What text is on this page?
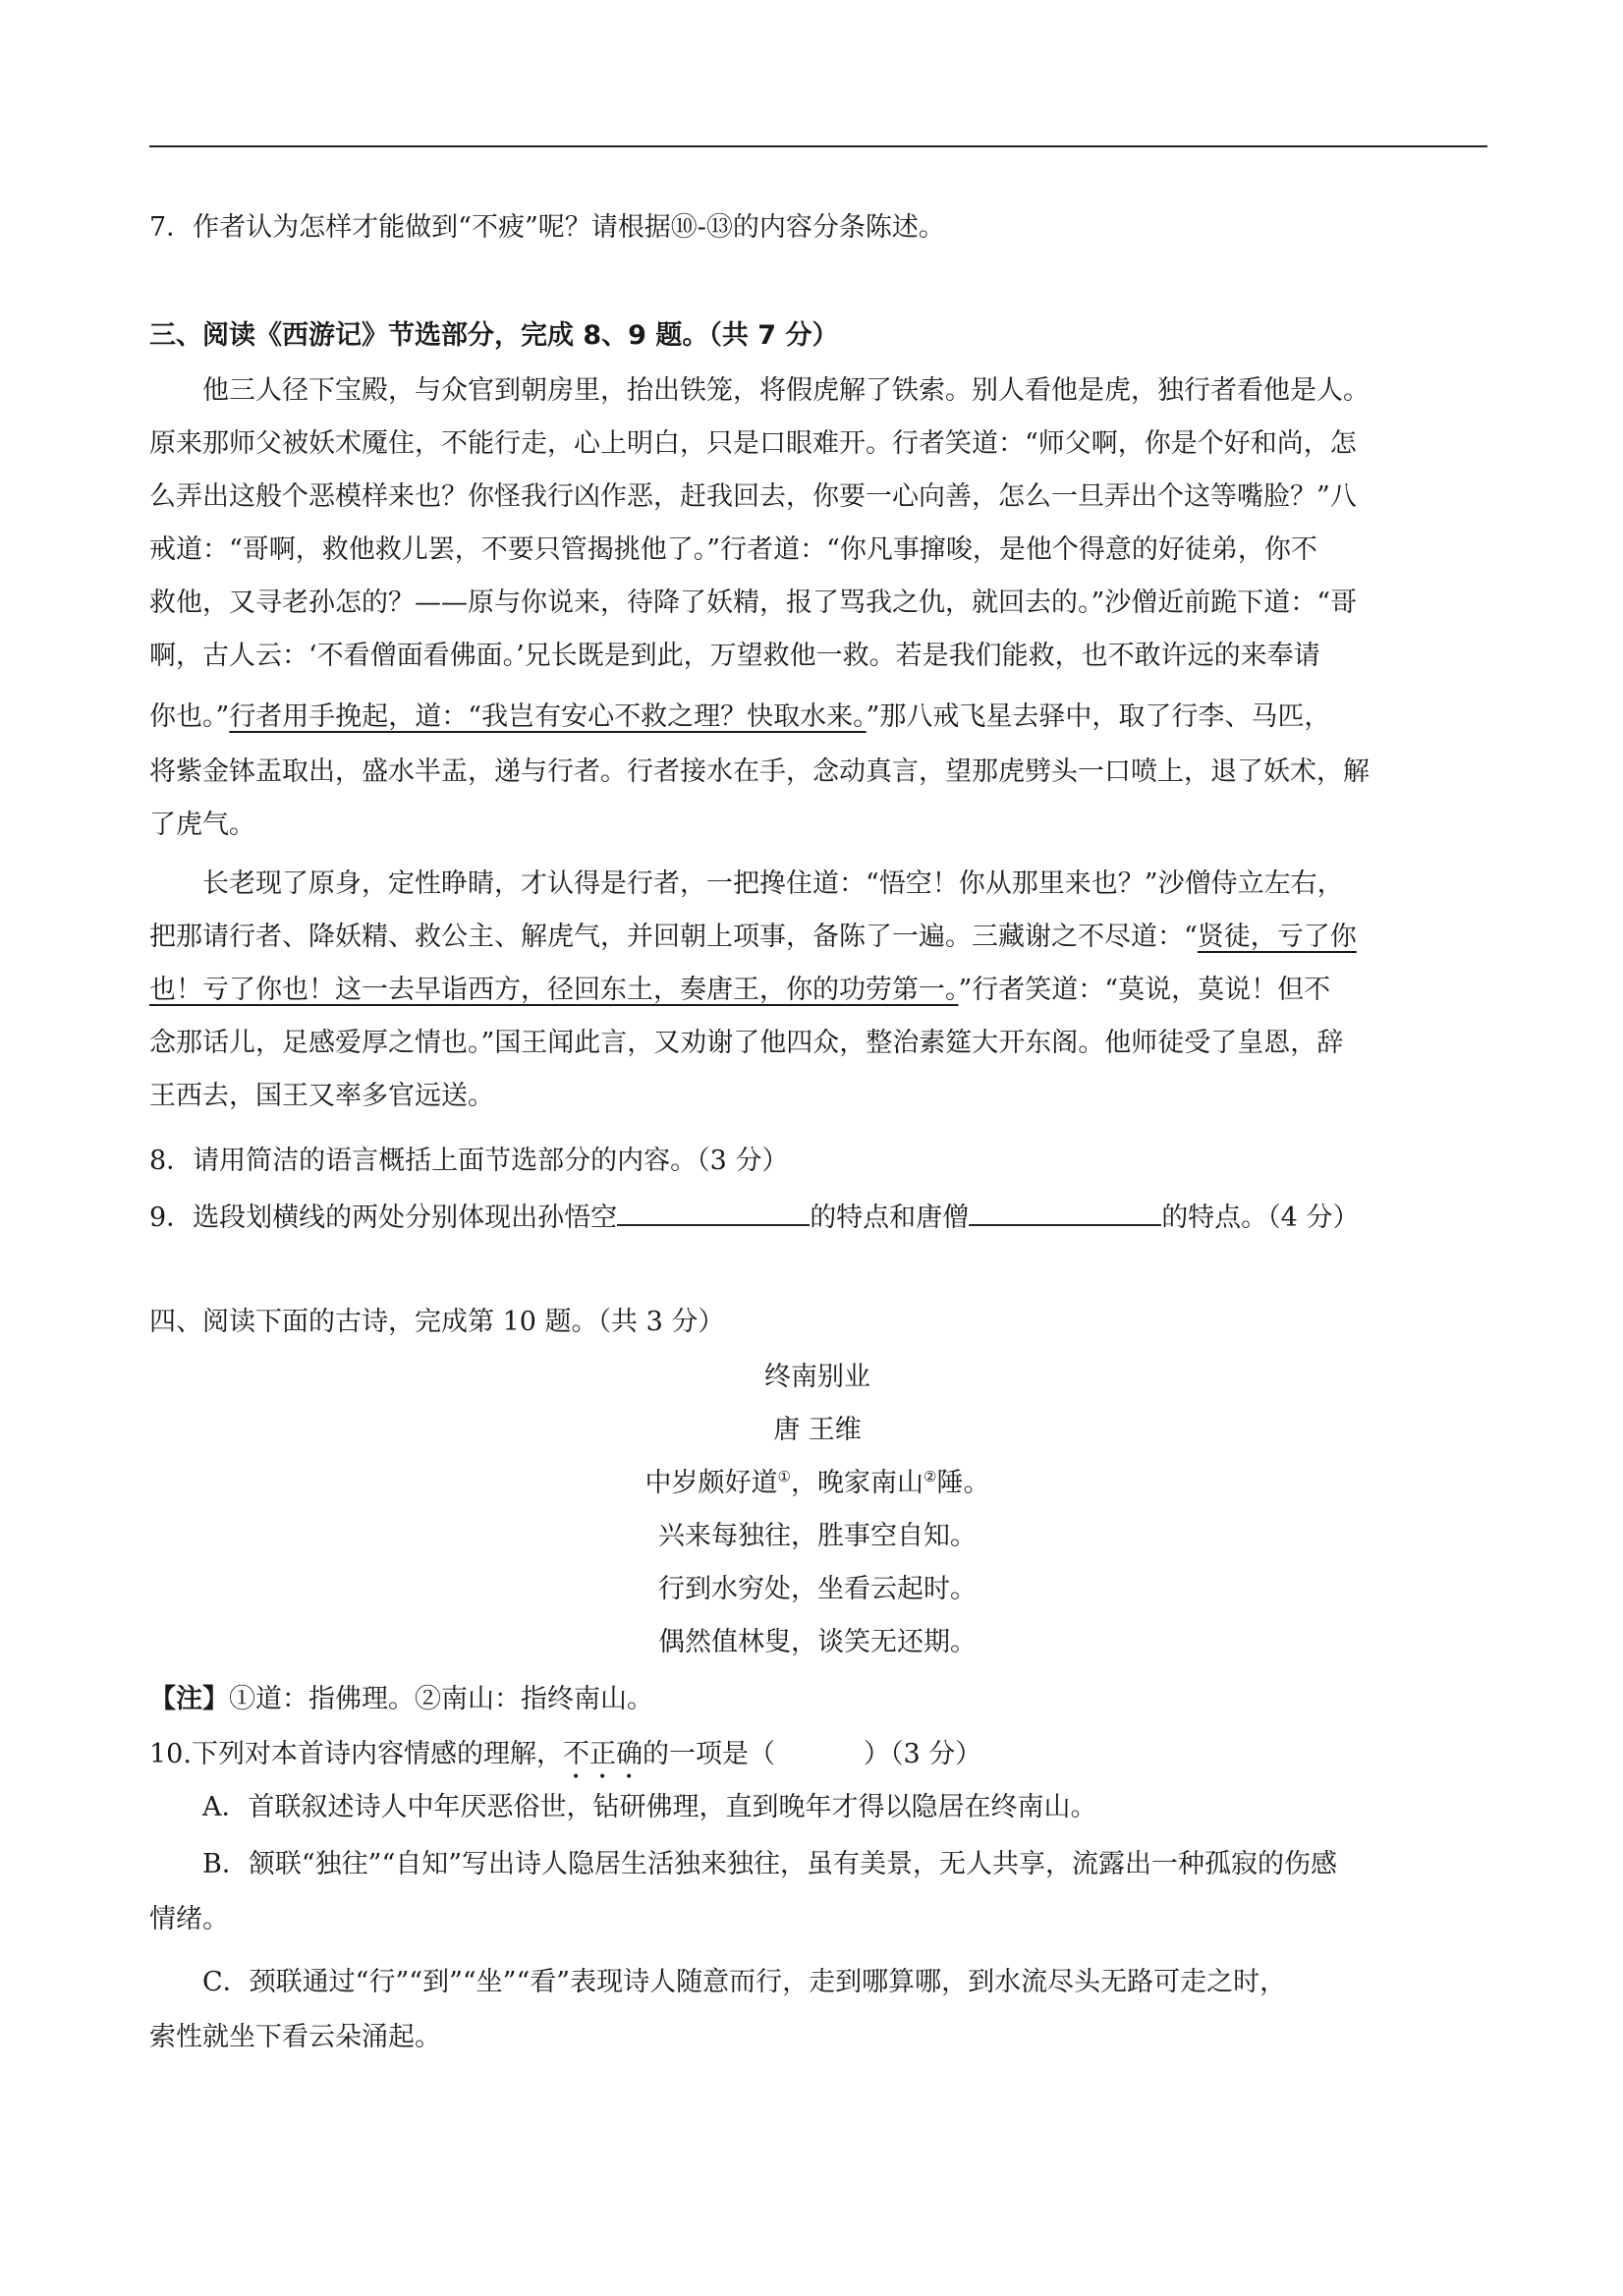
7．作者认为怎样才能做到“不疲”呢？请根据⑩-⑬的内容分条陈述。
三、阅读《西游记》节选部分，完成 8、9 题。（共 7 分）
他三人径下宝殿，与众官到朝房里，抬出铁笼，将假虎解了铁索。别人看他是虎，独行者看他是人。
原来那师父被妖术魇住，不能行走，心上明白，只是口眼难开。行者笑道：“师父啊，你是个好和尚，怎
么弄出这般个恶模样来也？你怪我行凶作恶，赶我回去，你要一心向善，怎么一旦弄出个这等嘴脸？”八
戒道：“哥啊，救他救儿罢，不要只管揭挑他了。”行者道：“你凡事撺唆，是他个得意的好徒弟，你不
救他，又寻老孙怎的？——原与你说来，待降了妖精，报了骂我之仇，就回去的。”沙僧近前跪下道：“哥
啊，古人云：‘不看僧面看佛面。’兄长既是到此，万望救他一救。若是我们能救，也不敢许远的来奉请
你也。”行者用手挽起，道：“我岂有安心不救之理？快取水来。”那八戒飞星去驿中，取了行李、马匹，
将紫金钵盂取出，盛水半盂，递与行者。行者接水在手，念动真言，望那虎劈头一口喷上，退了妖术，解
了虎气。
长老现了原身，定性睁睛，才认得是行者，一把搀住道：“悟空！你从那里来也？”沙僧侍立左右，
把那请行者、降妖精、救公主、解虎气，并回朝上项事，备陈了一遍。三藏谢之不尽道：“贤徒，亏了你
也！亏了你也！这一去早诣西方，径回东土，奏唐王，你的功劳第一。”行者笑道：“莫说，莫说！但不
念那话儿，足感爱厚之情也。”国王闻此言，又劝谢了他四众，整治素筵大开东阁。他师徒受了皇恩，辞
王西去，国王又率多官远送。
8．请用简洁的语言概括上面节选部分的内容。（3 分）
9．选段划横线的两处分别体现出孙悟空	的特点和唐僧	的特点。（4 分）
四、阅读下面的古诗，完成第 10 题。（共 3 分）
终南别业
唐 王维
中岁颇好道①，晚家南山②陲。
兴来每独往，胜事空自知。
行到水穷处，坐看云起时。
偶然值林叟，谈笑无还期。
【注】①道：指佛理。②南山：指终南山。
10.下列对本首诗内容情感的理解，不正确的一项是（	）（3 分）
A．首联叙述诗人中年厌恶俗世，钻研佛理，直到晚年才得以隐居在终南山。
B．颔联“独往”“自知”写出诗人隐居生活独来独往，虽有美景，无人共享，流露出一种孤寂的伤感
情绪。
C．颈联通过“行”“到”“坐”“看”表现诗人随意而行，走到哪算哪，到水流尽头无路可走之时，
索性就坐下看云朵涌起。
